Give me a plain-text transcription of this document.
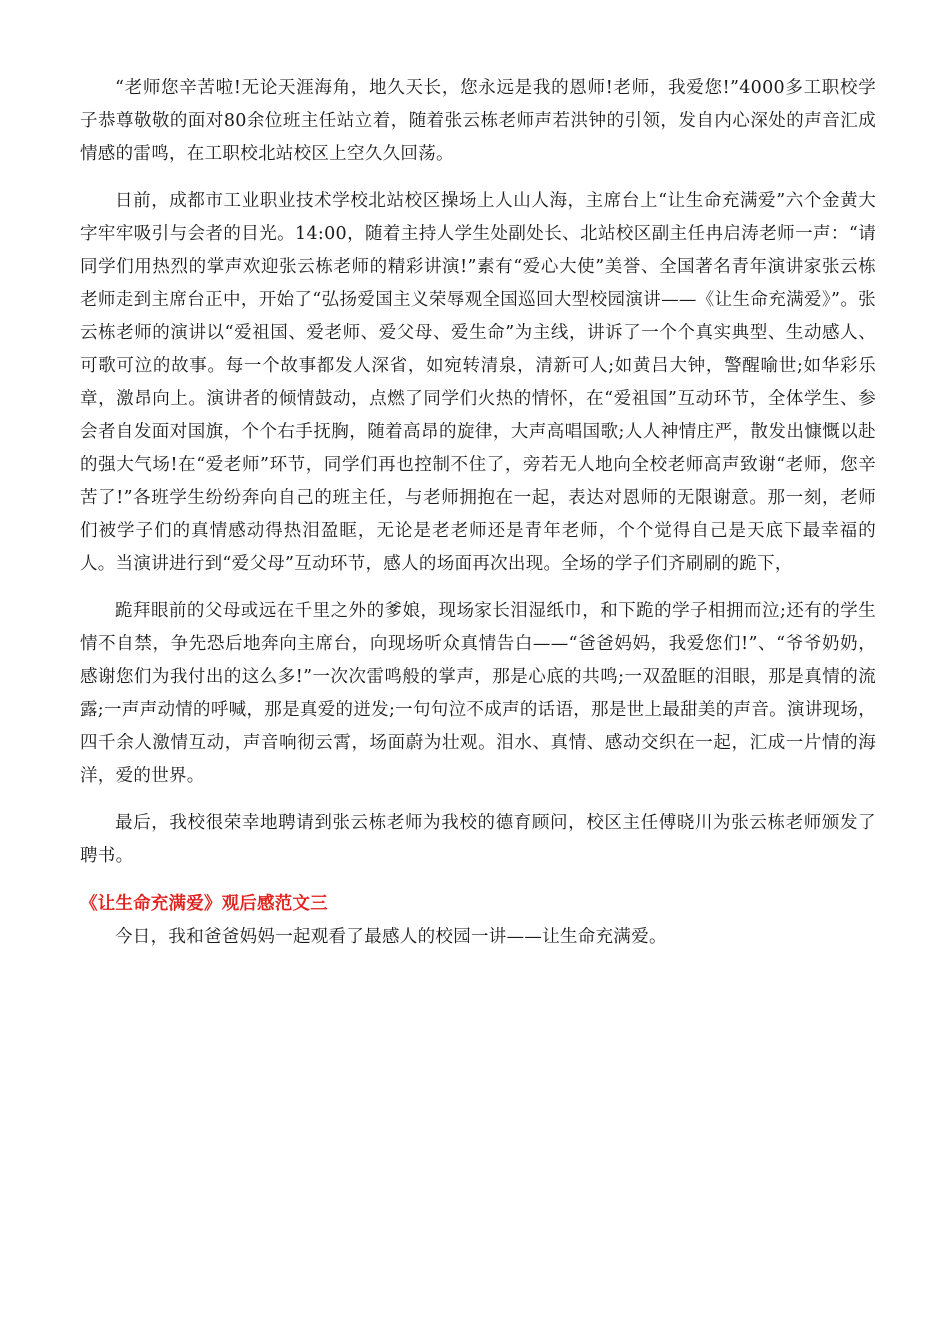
“老师您辛苦啦!无论天涯海角，地久天长，您永远是我的恩师!老师，我爱您!”4000多工职校学子恭尊敬敬的面对80余位班主任站立着，随着张云栋老师声若洪钟的引领，发自内心深处的声音汇成情感的雷鸣，在工职校北站校区上空久久回荡。

日前，成都市工业职业技术学校北站校区操场上人山人海，主席台上“让生命充满爱”六个金黄大字牢牢吸引与会者的目光。14:00，随着主持人学生处副处长、北站校区副主任冉启涛老师一声：“请同学们用热烈的掌声欢迎张云栋老师的精彩讲演!”素有“爱心大使”美誉、全国著名青年演讲家张云栋老师走到主席台正中，开始了“弘扬爱国主义荣辱观全国巡回大型校园演讲——《让生命充满爱》”。张云栋老师的演讲以“爱祖国、爱老师、爱父母、爱生命”为主线，讲诉了一个个真实典型、生动感人、可歌可泣的故事。每一个故事都发人深省，如宛转清泉，清新可人;如黄吕大钟，警醒喻世;如华彩乐章，激昂向上。演讲者的倾情鼓动，点燃了同学们火热的情怀，在“爱祖国”互动环节，全体学生、参会者自发面对国旗，个个右手抚胸，随着高昂的旋律，大声高唱国歌;人人神情庄严，散发出慷慨以赴的强大气场!在“爱老师”环节，同学们再也控制不住了，旁若无人地向全校老师高声致谢“老师，您辛苦了!”各班学生纷纷奔向自己的班主任，与老师拥抱在一起，表达对恩师的无限谢意。那一刻，老师们被学子们的真情感动得热泪盈眶，无论是老老师还是青年老师，个个觉得自己是天底下最幸福的人。当演讲进行到“爱父母”互动环节，感人的场面再次出现。全场的学子们齐刷刷的跪下，

跪拜眼前的父母或远在千里之外的爹娘，现场家长泪湿纸巾，和下跪的学子相拥而泣;还有的学生情不自禁，争先恐后地奔向主席台，向现场听众真情告白——“爸爸妈妈，我爱您们!”、“爷爷奶奶，感谢您们为我付出的这么多!”一次次雷鸣般的掌声，那是心底的共鸣;一双盈眶的泪眼，那是真情的流露;一声声动情的呼喊，那是真爱的迸发;一句句泣不成声的话语，那是世上最甜美的声音。演讲现场，四千余人激情互动，声音响彻云霄，场面蔚为壮观。泪水、真情、感动交织在一起，汇成一片情的海洋，爱的世界。

最后，我校很荣幸地聘请到张云栋老师为我校的德育顾问，校区主任傅晓川为张云栋老师颁发了聘书。

《让生命充满爱》观后感范文三

今日，我和爸爸妈妈一起观看了最感人的校园一讲——让生命充满爱。
